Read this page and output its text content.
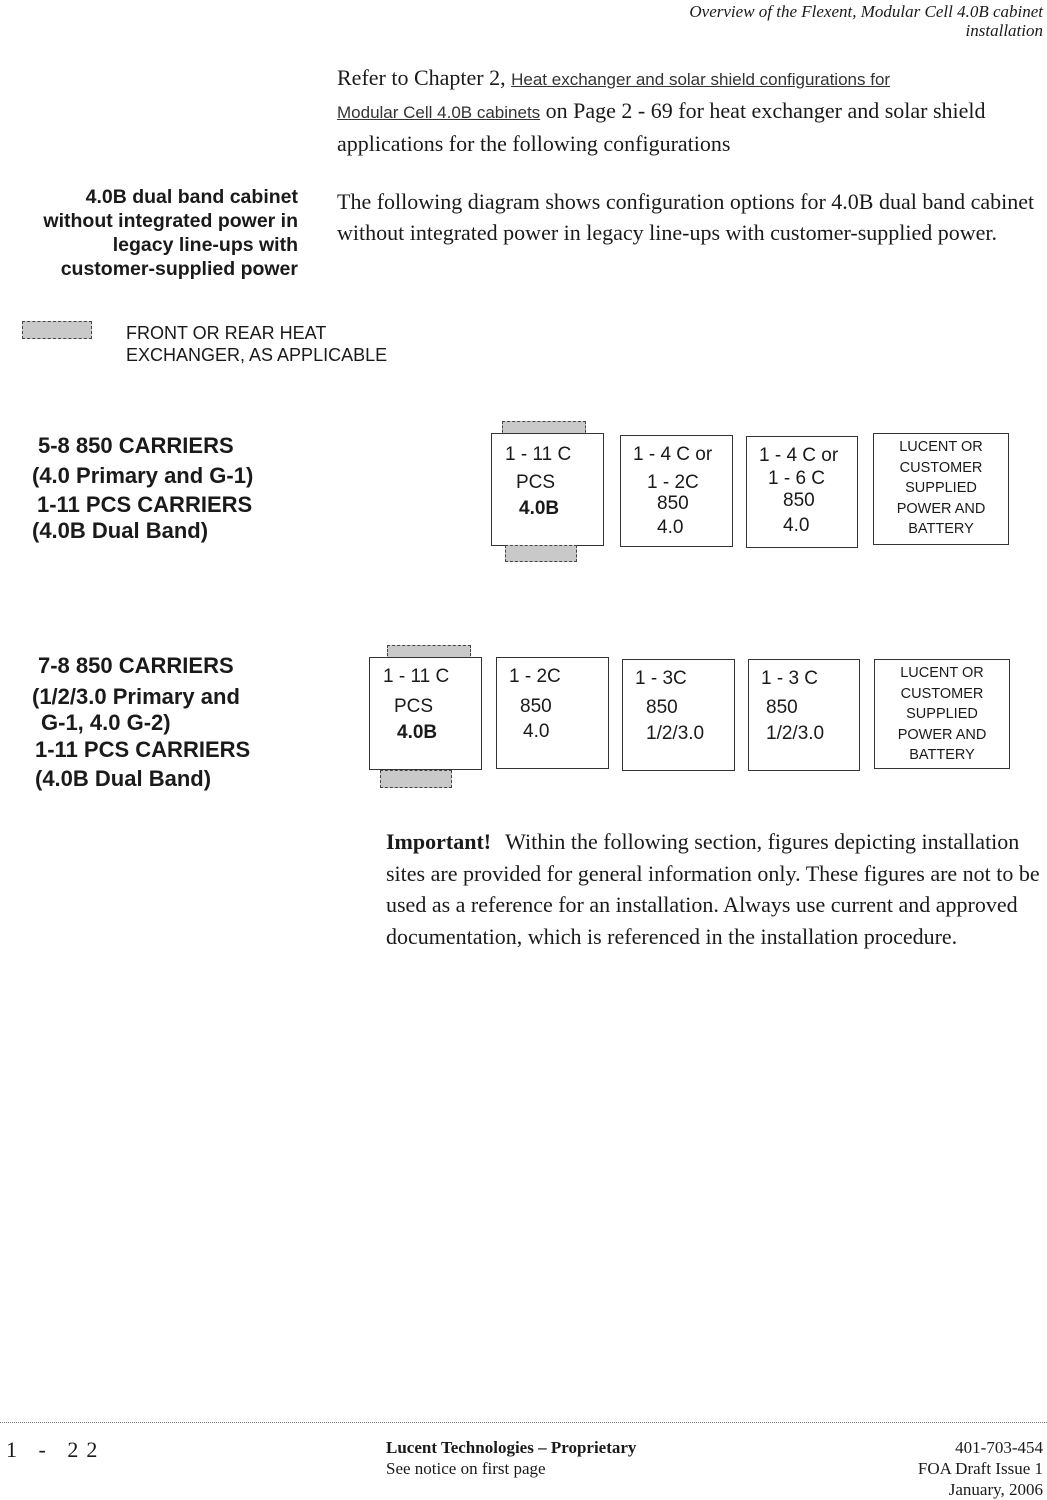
Overview of the Flexent, Modular Cell 4.0B cabinet
installation
Refer to Chapter 2, Heat exchanger and solar shield configurations for
Modular Cell 4.0B cabinets on Page 2 - 69 for heat exchanger and solar shield applications for the following configurations
4.0B dual band cabinet
without integrated power in
legacy line-ups with
customer-supplied power
The following diagram shows configuration options for 4.0B dual band cabinet without integrated power in legacy line-ups with customer-supplied power.
FRONT OR REAR HEAT
EXCHANGER, AS APPLICABLE
5-8 850 CARRIERS
(4.0 Primary and G-1)
1-11 PCS CARRIERS
(4.0B Dual Band)
1 - 11 C
PCS
4.0B
1 - 4 C or
1 - 2C
850
4.0
1 - 4 C or
1 - 6 C
850
4.0
LUCENT OR
CUSTOMER
SUPPLIED
POWER AND
BATTERY
7-8 850 CARRIERS
(1/2/3.0 Primary and
G-1, 4.0 G-2)
1-11 PCS CARRIERS
(4.0B Dual Band)
1 - 11 C
PCS
4.0B
1 - 2C
850
4.0
1 - 3C
850
1/2/3.0
1 - 3 C
850
1/2/3.0
LUCENT OR
CUSTOMER
SUPPLIED
POWER AND
BATTERY
Important! Within the following section, figures depicting installation sites are provided for general information only. These figures are not to be used as a reference for an installation. Always use current and approved documentation, which is referenced in the installation procedure.
1 - 22	Lucent Technologies – Proprietary
See notice on first page
401-703-454
FOA Draft Issue 1
January, 2006
